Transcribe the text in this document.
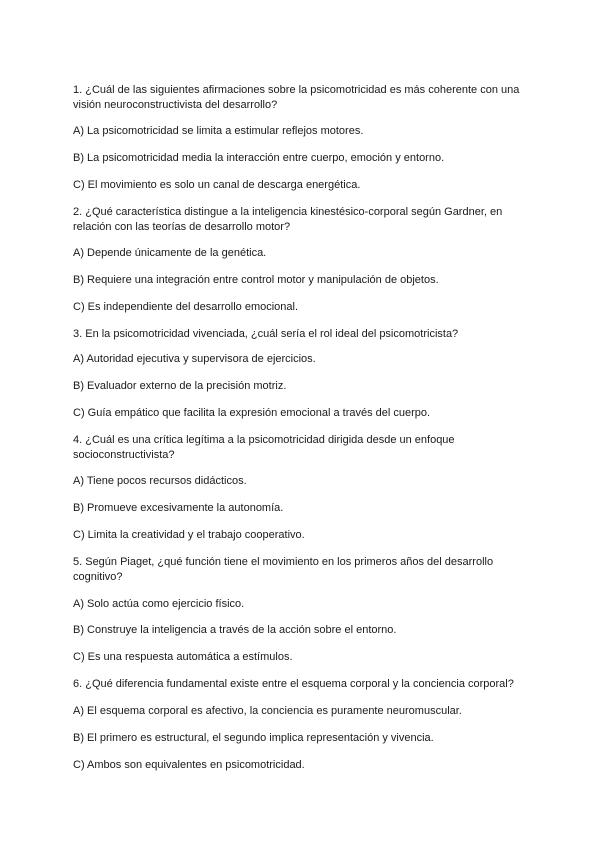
1. ¿Cuál de las siguientes afirmaciones sobre la psicomotricidad es más coherente con una
visión neuroconstructivista del desarrollo?
A) La psicomotricidad se limita a estimular reflejos motores.
B) La psicomotricidad media la interacción entre cuerpo, emoción y entorno.
C) El movimiento es solo un canal de descarga energética.
2. ¿Qué característica distingue a la inteligencia kinestésico-corporal según Gardner, en
relación con las teorías de desarrollo motor?
A) Depende únicamente de la genética.
B) Requiere una integración entre control motor y manipulación de objetos.
C) Es independiente del desarrollo emocional.
3. En la psicomotricidad vivenciada, ¿cuál sería el rol ideal del psicomotricista?
A) Autoridad ejecutiva y supervisora de ejercicios.
B) Evaluador externo de la precisión motriz.
C) Guía empático que facilita la expresión emocional a través del cuerpo.
4. ¿Cuál es una crítica legítima a la psicomotricidad dirigida desde un enfoque
socioconstructivista?
A) Tiene pocos recursos didácticos.
B) Promueve excesivamente la autonomía.
C) Limita la creatividad y el trabajo cooperativo.
5. Según Piaget, ¿qué función tiene el movimiento en los primeros años del desarrollo
cognitivo?
A) Solo actúa como ejercicio físico.
B) Construye la inteligencia a través de la acción sobre el entorno.
C) Es una respuesta automática a estímulos.
6. ¿Qué diferencia fundamental existe entre el esquema corporal y la conciencia corporal?
A) El esquema corporal es afectivo, la conciencia es puramente neuromuscular.
B) El primero es estructural, el segundo implica representación y vivencia.
C) Ambos son equivalentes en psicomotricidad.
